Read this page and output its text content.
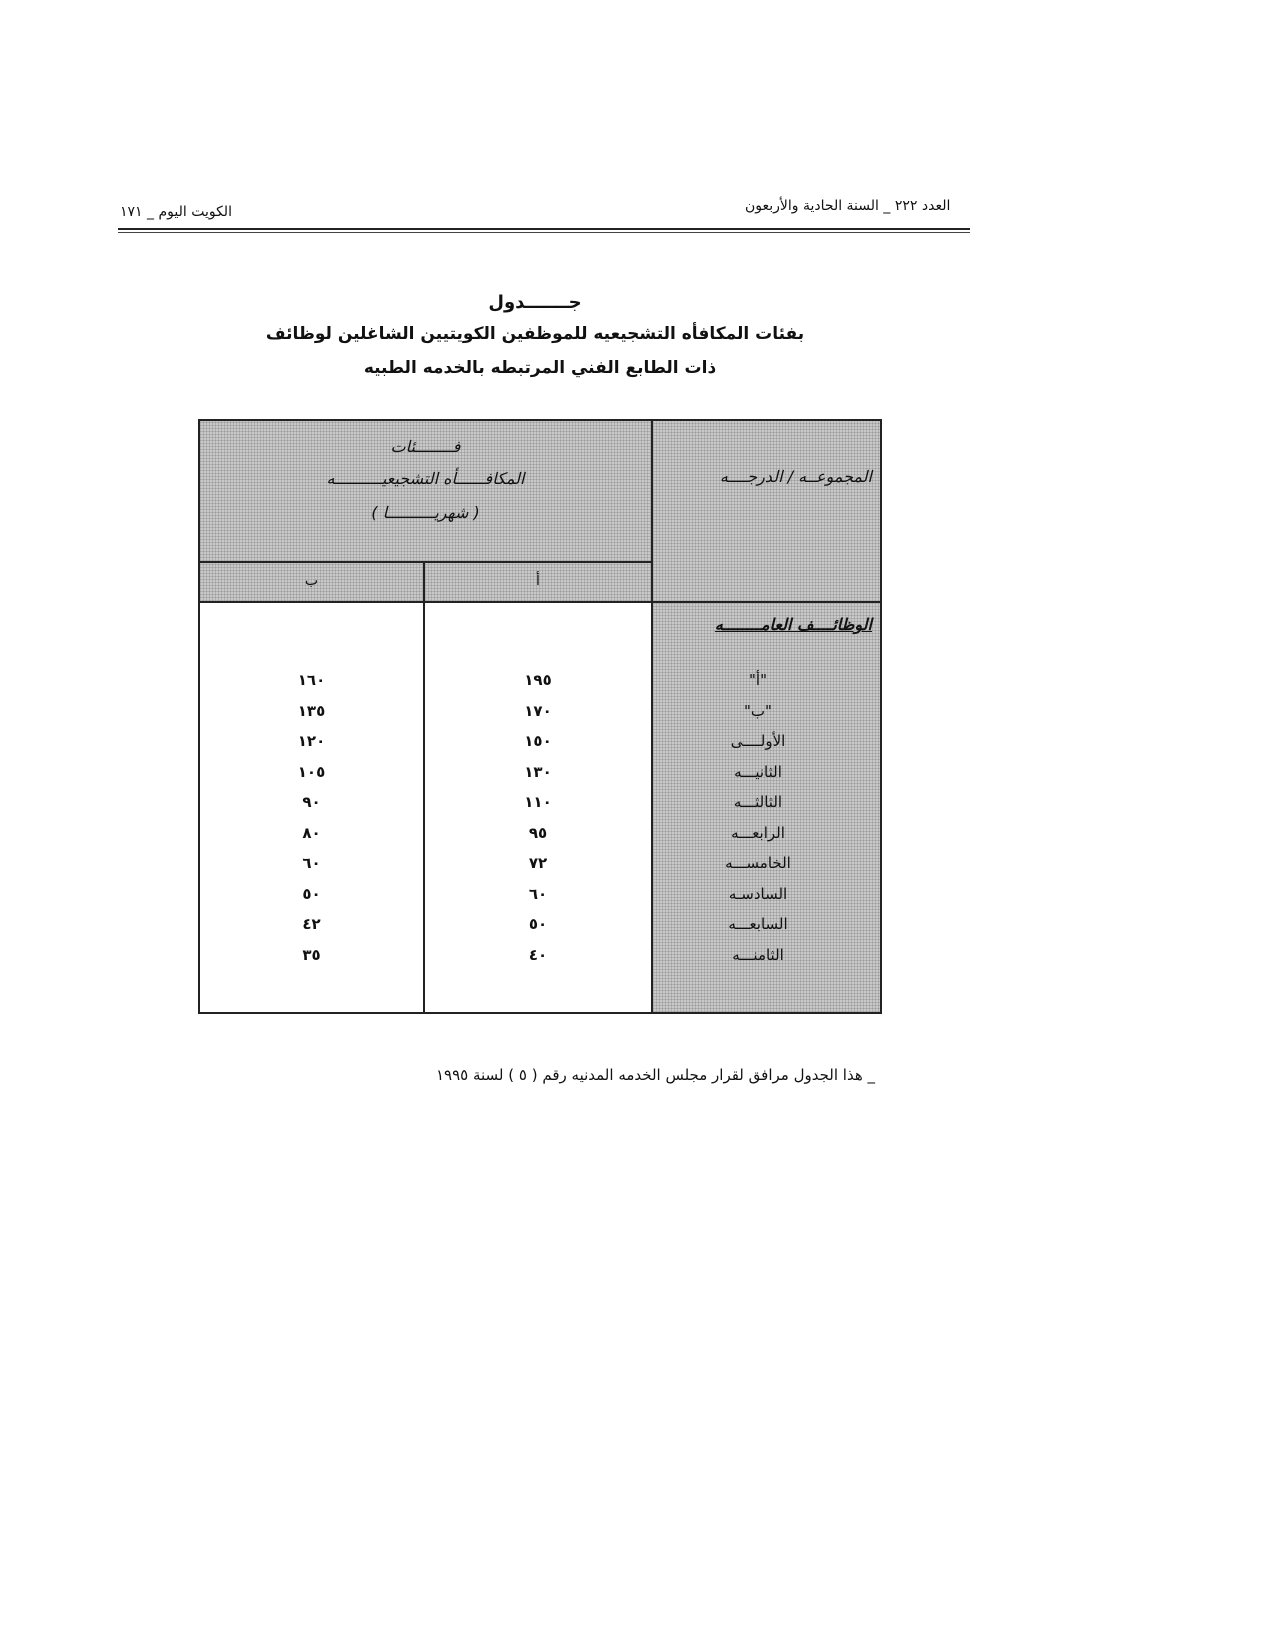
الكويت اليوم _ ١٧١	العدد ٢٢٢ _ السنة الحادية والأربعون
جـــــــدول
بفئات المكافأه التشجيعيه للموظفين الكويتيين الشاغلين لوظائف
ذات الطابع الفني المرتبطه بالخدمه الطبيه
فــــــــئات
المكافــــــأه التشجيعيــــــــــه
( شهريــــــــــا )
المجموعــه / الدرجــــه
أ
ب
الوظائــــف العامــــــــه
"أ"
"ب"
الأولــــى
الثانيـــه
الثالثـــه
الرابعـــه
الخامســـه
السادسـه
السابعـــه
الثامنـــه
١٩٥
١٧٠
١٥٠
١٣٠
١١٠
٩٥
٧٢
٦٠
٥٠
٤٠
١٦٠
١٣٥
١٢٠
١٠٥
٩٠
٨٠
٦٠
٥٠
٤٢
٣٥
_ هذا الجدول مرافق لقرار مجلس الخدمه المدنيه رقم ( ٥ ) لسنة ١٩٩٥
